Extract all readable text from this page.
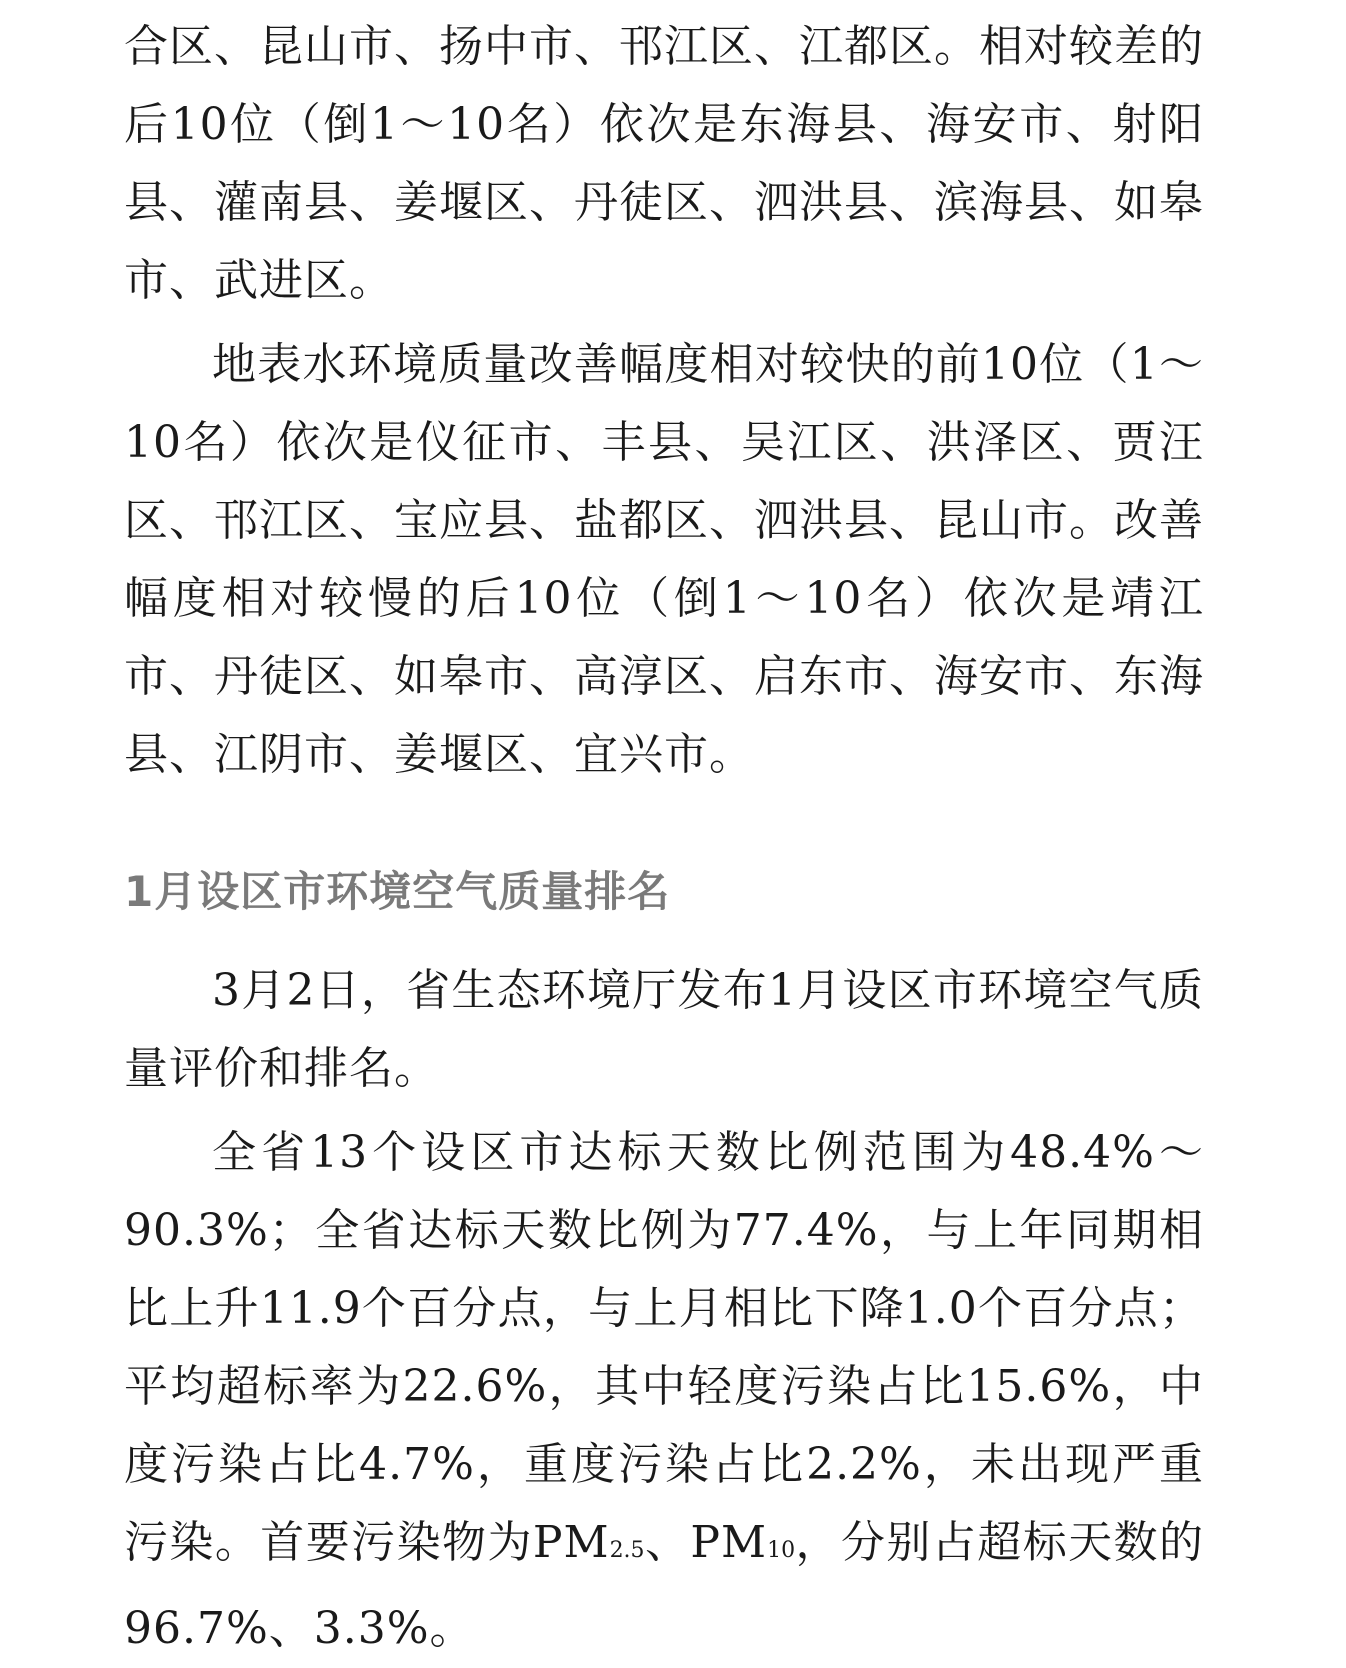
合区、昆山市、扬中市、邗江区、江都区。相对较差的后10位（倒1～10名）依次是东海县、海安市、射阳县、灌南县、姜堰区、丹徒区、泗洪县、滨海县、如皋市、武进区。

地表水环境质量改善幅度相对较快的前10位（1～10名）依次是仪征市、丰县、吴江区、洪泽区、贾汪区、邗江区、宝应县、盐都区、泗洪县、昆山市。改善幅度相对较慢的后10位（倒1～10名）依次是靖江市、丹徒区、如皋市、高淳区、启东市、海安市、东海县、江阴市、姜堰区、宜兴市。

1月设区市环境空气质量排名

3月2日，省生态环境厅发布1月设区市环境空气质量评价和排名。

全省13个设区市达标天数比例范围为48.4%～90.3%；全省达标天数比例为77.4%，与上年同期相比上升11.9个百分点，与上月相比下降1.0个百分点；平均超标率为22.6%，其中轻度污染占比15.6%，中度污染占比4.7%，重度污染占比2.2%，未出现严重污染。首要污染物为PM2.5、PM10，分别占超标天数的96.7%、3.3%。
